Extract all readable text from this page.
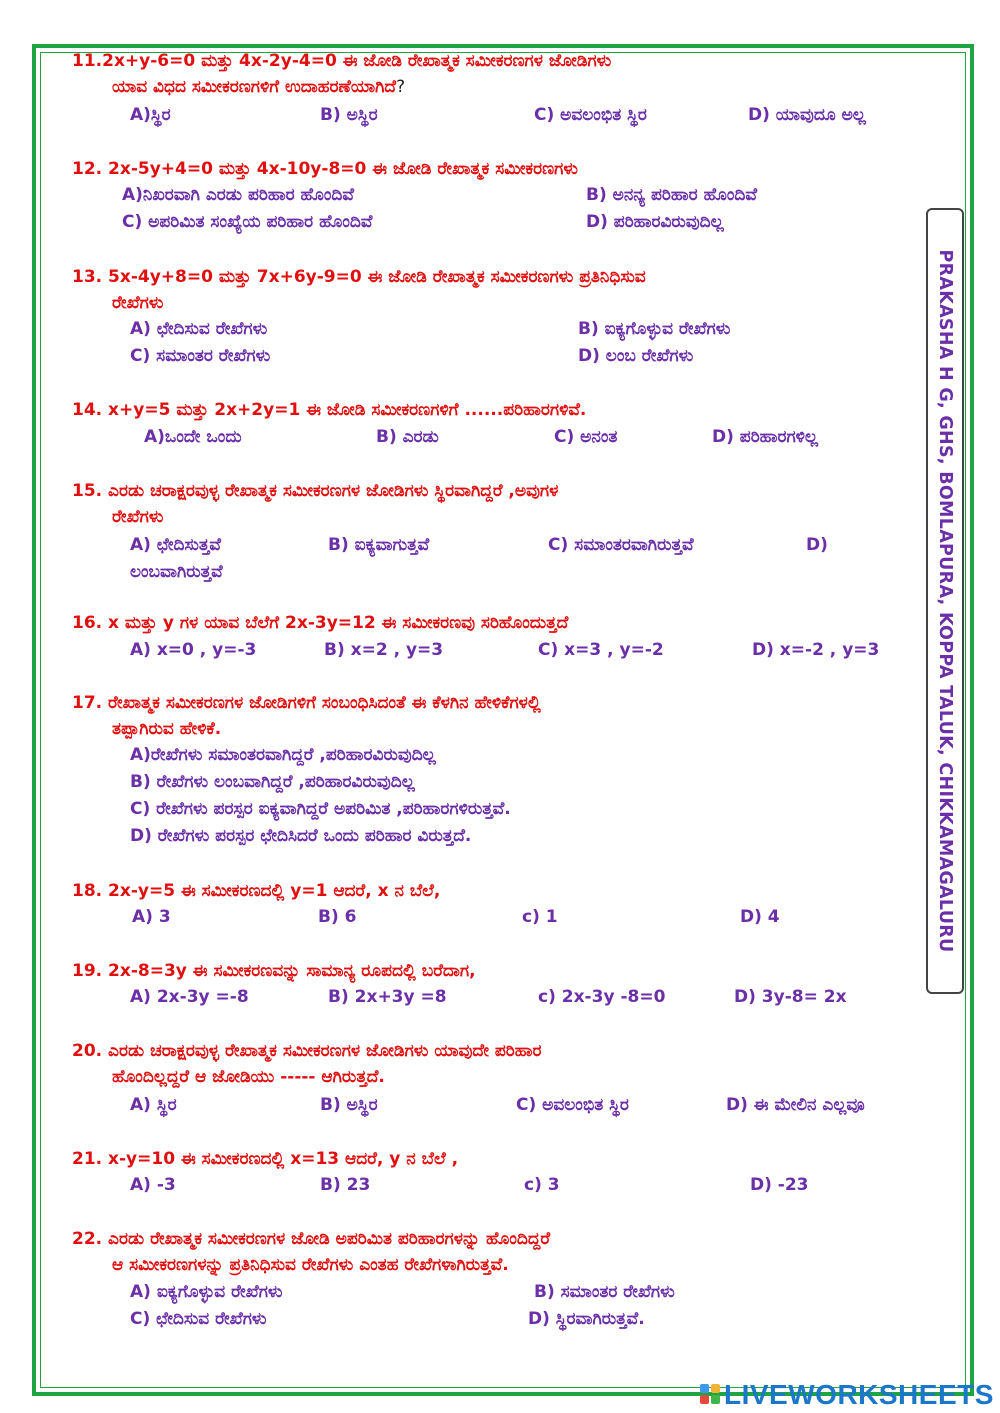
PRAKASHA H G, GHS, BOMLAPURA, KOPPA TALUK, CHIKKAMAGALURU
11.2x+y-6=0 ಮತ್ತು 4x-2y-4=0 ಈ ಜೋಡಿ ರೇಖಾತ್ಮಕ ಸಮೀಕರಣಗಳ ಜೋಡಿಗಳು
ಯಾವ ವಿಧದ ಸಮೀಕರಣಗಳಿಗೆ ಉದಾಹರಣೆಯಾಗಿದೆ?
A)ಸ್ಥಿರ	B) ಅಸ್ಥಿರ	C) ಅವಲಂಭಿತ ಸ್ಥಿರ	D) ಯಾವುದೂ ಅಲ್ಲ
12. 2x-5y+4=0 ಮತ್ತು 4x-10y-8=0 ಈ ಜೋಡಿ ರೇಖಾತ್ಮಕ ಸಮೀಕರಣಗಳು
A)ನಿಖರವಾಗಿ ಎರಡು ಪರಿಹಾರ ಹೊಂದಿವೆ	B) ಅನನ್ಯ ಪರಿಹಾರ ಹೊಂದಿವೆ
C) ಅಪರಿಮಿತ ಸಂಖ್ಯೆಯ ಪರಿಹಾರ ಹೊಂದಿವೆ	D) ಪರಿಹಾರವಿರುವುದಿಲ್ಲ
13. 5x-4y+8=0 ಮತ್ತು 7x+6y-9=0 ಈ ಜೋಡಿ ರೇಖಾತ್ಮಕ ಸಮೀಕರಣಗಳು ಪ್ರತಿನಿಧಿಸುವ
ರೇಖೆಗಳು
A) ಛೇದಿಸುವ ರೇಖೆಗಳು	B) ಐಕ್ಯಗೊಳ್ಳುವ ರೇಖೆಗಳು
C) ಸಮಾಂತರ ರೇಖೆಗಳು	D) ಲಂಬ ರೇಖೆಗಳು
14. x+y=5 ಮತ್ತು 2x+2y=1 ಈ ಜೋಡಿ ಸಮೀಕರಣಗಳಿಗೆ ......ಪರಿಹಾರಗಳಿವೆ.
A)ಒಂದೇ ಒಂದು	B) ಎರಡು	C) ಅನಂತ	D) ಪರಿಹಾರಗಳಿಲ್ಲ
15. ಎರಡು ಚರಾಕ್ಷರವುಳ್ಳ ರೇಖಾತ್ಮಕ ಸಮೀಕರಣಗಳ ಜೋಡಿಗಳು ಸ್ಥಿರವಾಗಿದ್ದರೆ ,ಅವುಗಳ
ರೇಖೆಗಳು
A) ಛೇದಿಸುತ್ತವೆ	B) ಐಕ್ಯವಾಗುತ್ತವೆ	C) ಸಮಾಂತರವಾಗಿರುತ್ತವೆ	D)
ಲಂಬವಾಗಿರುತ್ತವೆ
16. x ಮತ್ತು y ಗಳ ಯಾವ ಬೆಲೆಗೆ 2x-3y=12 ಈ ಸಮೀಕರಣವು ಸರಿಹೊಂದುತ್ತದೆ
A) x=0 , y=-3	B) x=2 , y=3	C) x=3 , y=-2	D) x=-2 , y=3
17. ರೇಖಾತ್ಮಕ ಸಮೀಕರಣಗಳ ಜೋಡಿಗಳಿಗೆ ಸಂಬಂಧಿಸಿದಂತೆ ಈ ಕೆಳಗಿನ ಹೇಳಿಕೆಗಳಲ್ಲಿ
ತಪ್ಪಾಗಿರುವ ಹೇಳಿಕೆ.
A)ರೇಖೆಗಳು ಸಮಾಂತರವಾಗಿದ್ದರೆ ,ಪರಿಹಾರವಿರುವುದಿಲ್ಲ
B) ರೇಖೆಗಳು ಲಂಬವಾಗಿದ್ದರೆ ,ಪರಿಹಾರವಿರುವುದಿಲ್ಲ
C) ರೇಖೆಗಳು ಪರಸ್ಪರ ಐಕ್ಯವಾಗಿದ್ದರೆ ಅಪರಿಮಿತ ,ಪರಿಹಾರಗಳಿರುತ್ತವೆ.
D) ರೇಖೆಗಳು ಪರಸ್ಪರ ಛೇದಿಸಿದರೆ ಒಂದು ಪರಿಹಾರ ವಿರುತ್ತದೆ.
18. 2x-y=5 ಈ ಸಮೀಕರಣದಲ್ಲಿ y=1 ಆದರೆ, x ನ ಬೆಲೆ,
A) 3	B) 6	c) 1	D) 4
19. 2x-8=3y ಈ ಸಮೀಕರಣವನ್ನು ಸಾಮಾನ್ಯ ರೂಪದಲ್ಲಿ ಬರೆದಾಗ,
A) 2x-3y =-8	B) 2x+3y =8	c) 2x-3y -8=0	D) 3y-8= 2x
20. ಎರಡು ಚರಾಕ್ಷರವುಳ್ಳ ರೇಖಾತ್ಮಕ ಸಮೀಕರಣಗಳ ಜೋಡಿಗಳು ಯಾವುದೇ ಪರಿಹಾರ
ಹೊಂದಿಲ್ಲದ್ದರೆ ಆ ಜೋಡಿಯು ----- ಆಗಿರುತ್ತದೆ.
A) ಸ್ಥಿರ	B) ಅಸ್ಥಿರ	C) ಅವಲಂಭಿತ ಸ್ಥಿರ	D) ಈ ಮೇಲಿನ ಎಲ್ಲವೂ
21. x-y=10 ಈ ಸಮೀಕರಣದಲ್ಲಿ x=13 ಆದರೆ, y ನ ಬೆಲೆ ,
A) -3	B) 23	c) 3	D) -23
22. ಎರಡು ರೇಖಾತ್ಮಕ ಸಮೀಕರಣಗಳ ಜೋಡಿ ಅಪರಿಮಿತ ಪರಿಹಾರಗಳನ್ನು ಹೊಂದಿದ್ದರೆ
ಆ ಸಮೀಕರಣಗಳನ್ನು ಪ್ರತಿನಿಧಿಸುವ ರೇಖೆಗಳು ಎಂತಹ ರೇಖೆಗಳಾಗಿರುತ್ತವೆ.
A) ಐಕ್ಯಗೊಳ್ಳುವ ರೇಖೆಗಳು	B) ಸಮಾಂತರ ರೇಖೆಗಳು
C) ಛೇದಿಸುವ ರೇಖೆಗಳು	D) ಸ್ಥಿರವಾಗಿರುತ್ತವೆ.
LIVEWORKSHEETS
